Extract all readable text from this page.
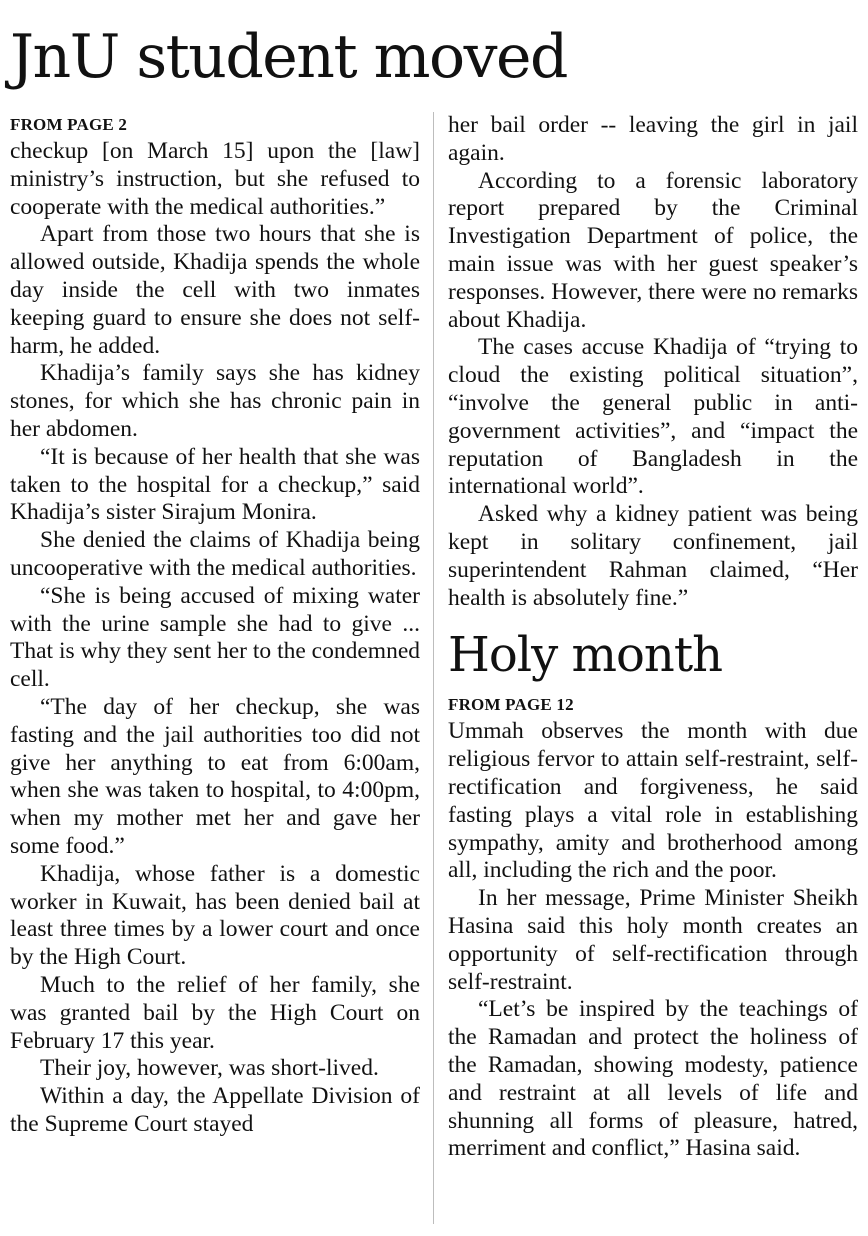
JnU student moved

FROM PAGE 2

checkup [on March 15] upon the [law] ministry’s instruction, but she refused to cooperate with the medical authorities.”

Apart from those two hours that she is allowed outside, Khadija spends the whole day inside the cell with two inmates keeping guard to ensure she does not self-harm, he added.

Khadija’s family says she has kidney stones, for which she has chronic pain in her abdomen.

“It is because of her health that she was taken to the hospital for a checkup,” said Khadija’s sister Sirajum Monira.

She denied the claims of Khadija being uncooperative with the medical authorities.

“She is being accused of mixing water with the urine sample she had to give ... That is why they sent her to the condemned cell.

“The day of her checkup, she was fasting and the jail authorities too did not give her anything to eat from 6:00am, when she was taken to hospital, to 4:00pm, when my mother met her and gave her some food.”

Khadija, whose father is a domestic worker in Kuwait, has been denied bail at least three times by a lower court and once by the High Court.

Much to the relief of her family, she was granted bail by the High Court on February 17 this year.

Their joy, however, was short-lived.

Within a day, the Appellate Division of the Supreme Court stayed

her bail order -- leaving the girl in jail again.

According to a forensic laboratory report prepared by the Criminal Investigation Department of police, the main issue was with her guest speaker’s responses. However, there were no remarks about Khadija.

The cases accuse Khadija of “trying to cloud the existing political situation”, “involve the general public in anti-government activities”, and “impact the reputation of Bangladesh in the international world”.

Asked why a kidney patient was being kept in solitary confinement, jail superintendent Rahman claimed, “Her health is absolutely fine.”

Holy month

FROM PAGE 12

Ummah observes the month with due religious fervor to attain self-restraint, self-rectification and forgiveness, he said fasting plays a vital role in establishing sympathy, amity and brotherhood among all, including the rich and the poor.

In her message, Prime Minister Sheikh Hasina said this holy month creates an opportunity of self-rectification through self-restraint.

“Let’s be inspired by the teachings of the Ramadan and protect the holiness of the Ramadan, showing modesty, patience and restraint at all levels of life and shunning all forms of pleasure, hatred, merriment and conflict,” Hasina said.
